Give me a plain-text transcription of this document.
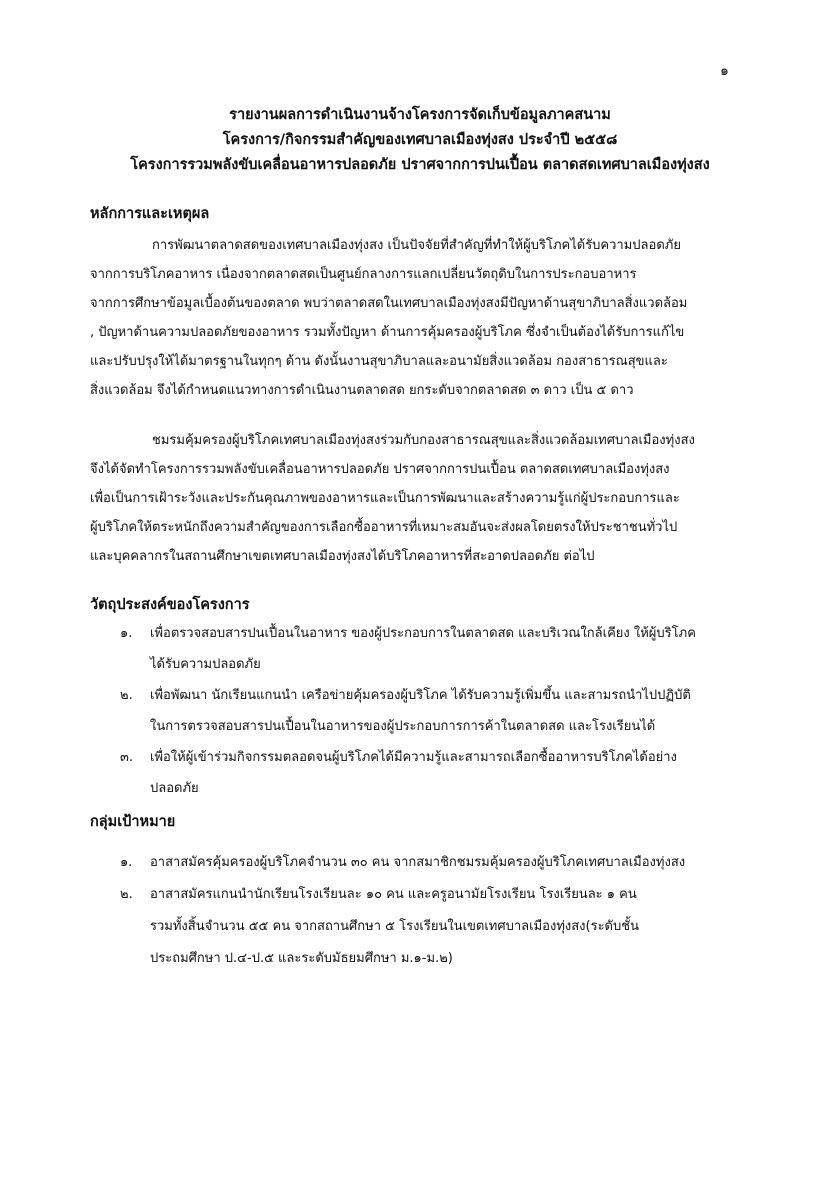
๑
รายงานผลการดำเนินงานจ้างโครงการจัดเก็บข้อมูลภาคสนาม
โครงการ/กิจกรรมสำคัญของเทศบาลเมืองทุ่งสง ประจำปี ๒๕๕๘
โครงการรวมพลังขับเคลื่อนอาหารปลอดภัย ปราศจากการปนเปื้อน ตลาดสดเทศบาลเมืองทุ่งสง
หลักการและเหตุผล
การพัฒนาตลาดสดของเทศบาลเมืองทุ่งสง เป็นปัจจัยที่สำคัญที่ทำให้ผู้บริโภคได้รับความปลอดภัย
จากการบริโภคอาหาร เนื่องจากตลาดสดเป็นศูนย์กลางการแลกเปลี่ยนวัตถุดิบในการประกอบอาหาร
จากการศึกษาข้อมูลเบื้องต้นของตลาด พบว่าตลาดสดในเทศบาลเมืองทุ่งสงมีปัญหาด้านสุขาภิบาลสิ่งแวดล้อม
, ปัญหาด้านความปลอดภัยของอาหาร รวมทั้งปัญหา ด้านการคุ้มครองผู้บริโภค ซึ่งจำเป็นต้องได้รับการแก้ไข
และปรับปรุงให้ได้มาตรฐานในทุกๆ ด้าน ดังนั้นงานสุขาภิบาลและอนามัยสิ่งแวดล้อม กองสาธารณสุขและ
สิ่งแวดล้อม จึงได้กำหนดแนวทางการดำเนินงานตลาดสด ยกระดับจากตลาดสด ๓ ดาว เป็น ๕ ดาว
ชมรมคุ้มครองผู้บริโภคเทศบาลเมืองทุ่งสงร่วมกับกองสาธารณสุขและสิ่งแวดล้อมเทศบาลเมืองทุ่งสง
จึงได้จัดทำโครงการรวมพลังขับเคลื่อนอาหารปลอดภัย ปราศจากการปนเปื้อน ตลาดสดเทศบาลเมืองทุ่งสง
เพื่อเป็นการเฝ้าระวังและประกันคุณภาพของอาหารและเป็นการพัฒนาและสร้างความรู้แก่ผู้ประกอบการและ
ผู้บริโภคให้ตระหนักถึงความสำคัญของการเลือกซื้ออาหารที่เหมาะสมอันจะส่งผลโดยตรงให้ประชาชนทั่วไป
และบุคคลากรในสถานศึกษาเขตเทศบาลเมืองทุ่งสงได้บริโภคอาหารที่สะอาดปลอดภัย ต่อไป
วัตถุประสงค์ของโครงการ
๑.	เพื่อตรวจสอบสารปนเปื้อนในอาหาร ของผู้ประกอบการในตลาดสด และบริเวณใกล้เคียง ให้ผู้บริโภค
ได้รับความปลอดภัย
๒.	เพื่อพัฒนา นักเรียนแกนนำ เครือข่ายคุ้มครองผู้บริโภค ได้รับความรู้เพิ่มขึ้น และสามรถนำไปปฏิบัติ
ในการตรวจสอบสารปนเปื้อนในอาหารของผู้ประกอบการการค้าในตลาดสด และโรงเรียนได้
๓.	เพื่อให้ผู้เข้าร่วมกิจกรรมตลอดจนผู้บริโภคได้มีความรู้และสามารถเลือกซื้ออาหารบริโภคได้อย่าง
ปลอดภัย
กลุ่มเป้าหมาย
๑.	อาสาสมัครคุ้มครองผู้บริโภคจำนวน ๓๐ คน จากสมาชิกชมรมคุ้มครองผู้บริโภคเทศบาลเมืองทุ่งสง
๒.	อาสาสมัครแกนนำนักเรียนโรงเรียนละ ๑๐ คน และครูอนามัยโรงเรียน โรงเรียนละ ๑ คน
รวมทั้งสิ้นจำนวน ๕๕ คน จากสถานศึกษา ๕ โรงเรียนในเขตเทศบาลเมืองทุ่งสง(ระดับชั้น
ประถมศึกษา ป.๔-ป.๕ และระดับมัธยมศึกษา ม.๑-ม.๒)
